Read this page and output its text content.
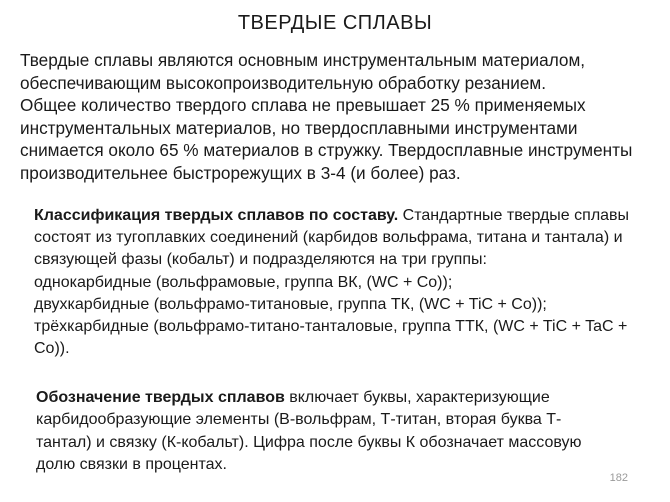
ТВЕРДЫЕ СПЛАВЫ
Твердые сплавы являются основным инструментальным материалом,
обеспечивающим высокопроизводительную обработку резанием.
Общее количество твердого сплава не превышает 25 % применяемых
инструментальных материалов, но твердосплавными инструментами
снимается около 65 % материалов в стружку. Твердосплавные инструменты
производительнее быстрорежущих в 3-4 (и более) раз.
Классификация твердых сплавов по составу. Стандартные твердые сплавы
состоят из тугоплавких соединений (карбидов вольфрама, титана и тантала) и
связующей фазы (кобальт) и подразделяются на три группы:
однокарбидные (вольфрамовые, группа ВК, (WC + Co));
двухкарбидные (вольфрамо-титановые, группа ТК, (WC + TiC + Co));
трёхкарбидные (вольфрамо-титано-танталовые, группа ТТК, (WC + TiC + TaC +
Co)).
Обозначение твердых сплавов включает буквы, характеризующие
карбидообразующие элементы (В-вольфрам, Т-титан, вторая буква Т-
тантал) и связку (К-кобальт). Цифра после буквы К обозначает массовую
долю связки в процентах.
182
